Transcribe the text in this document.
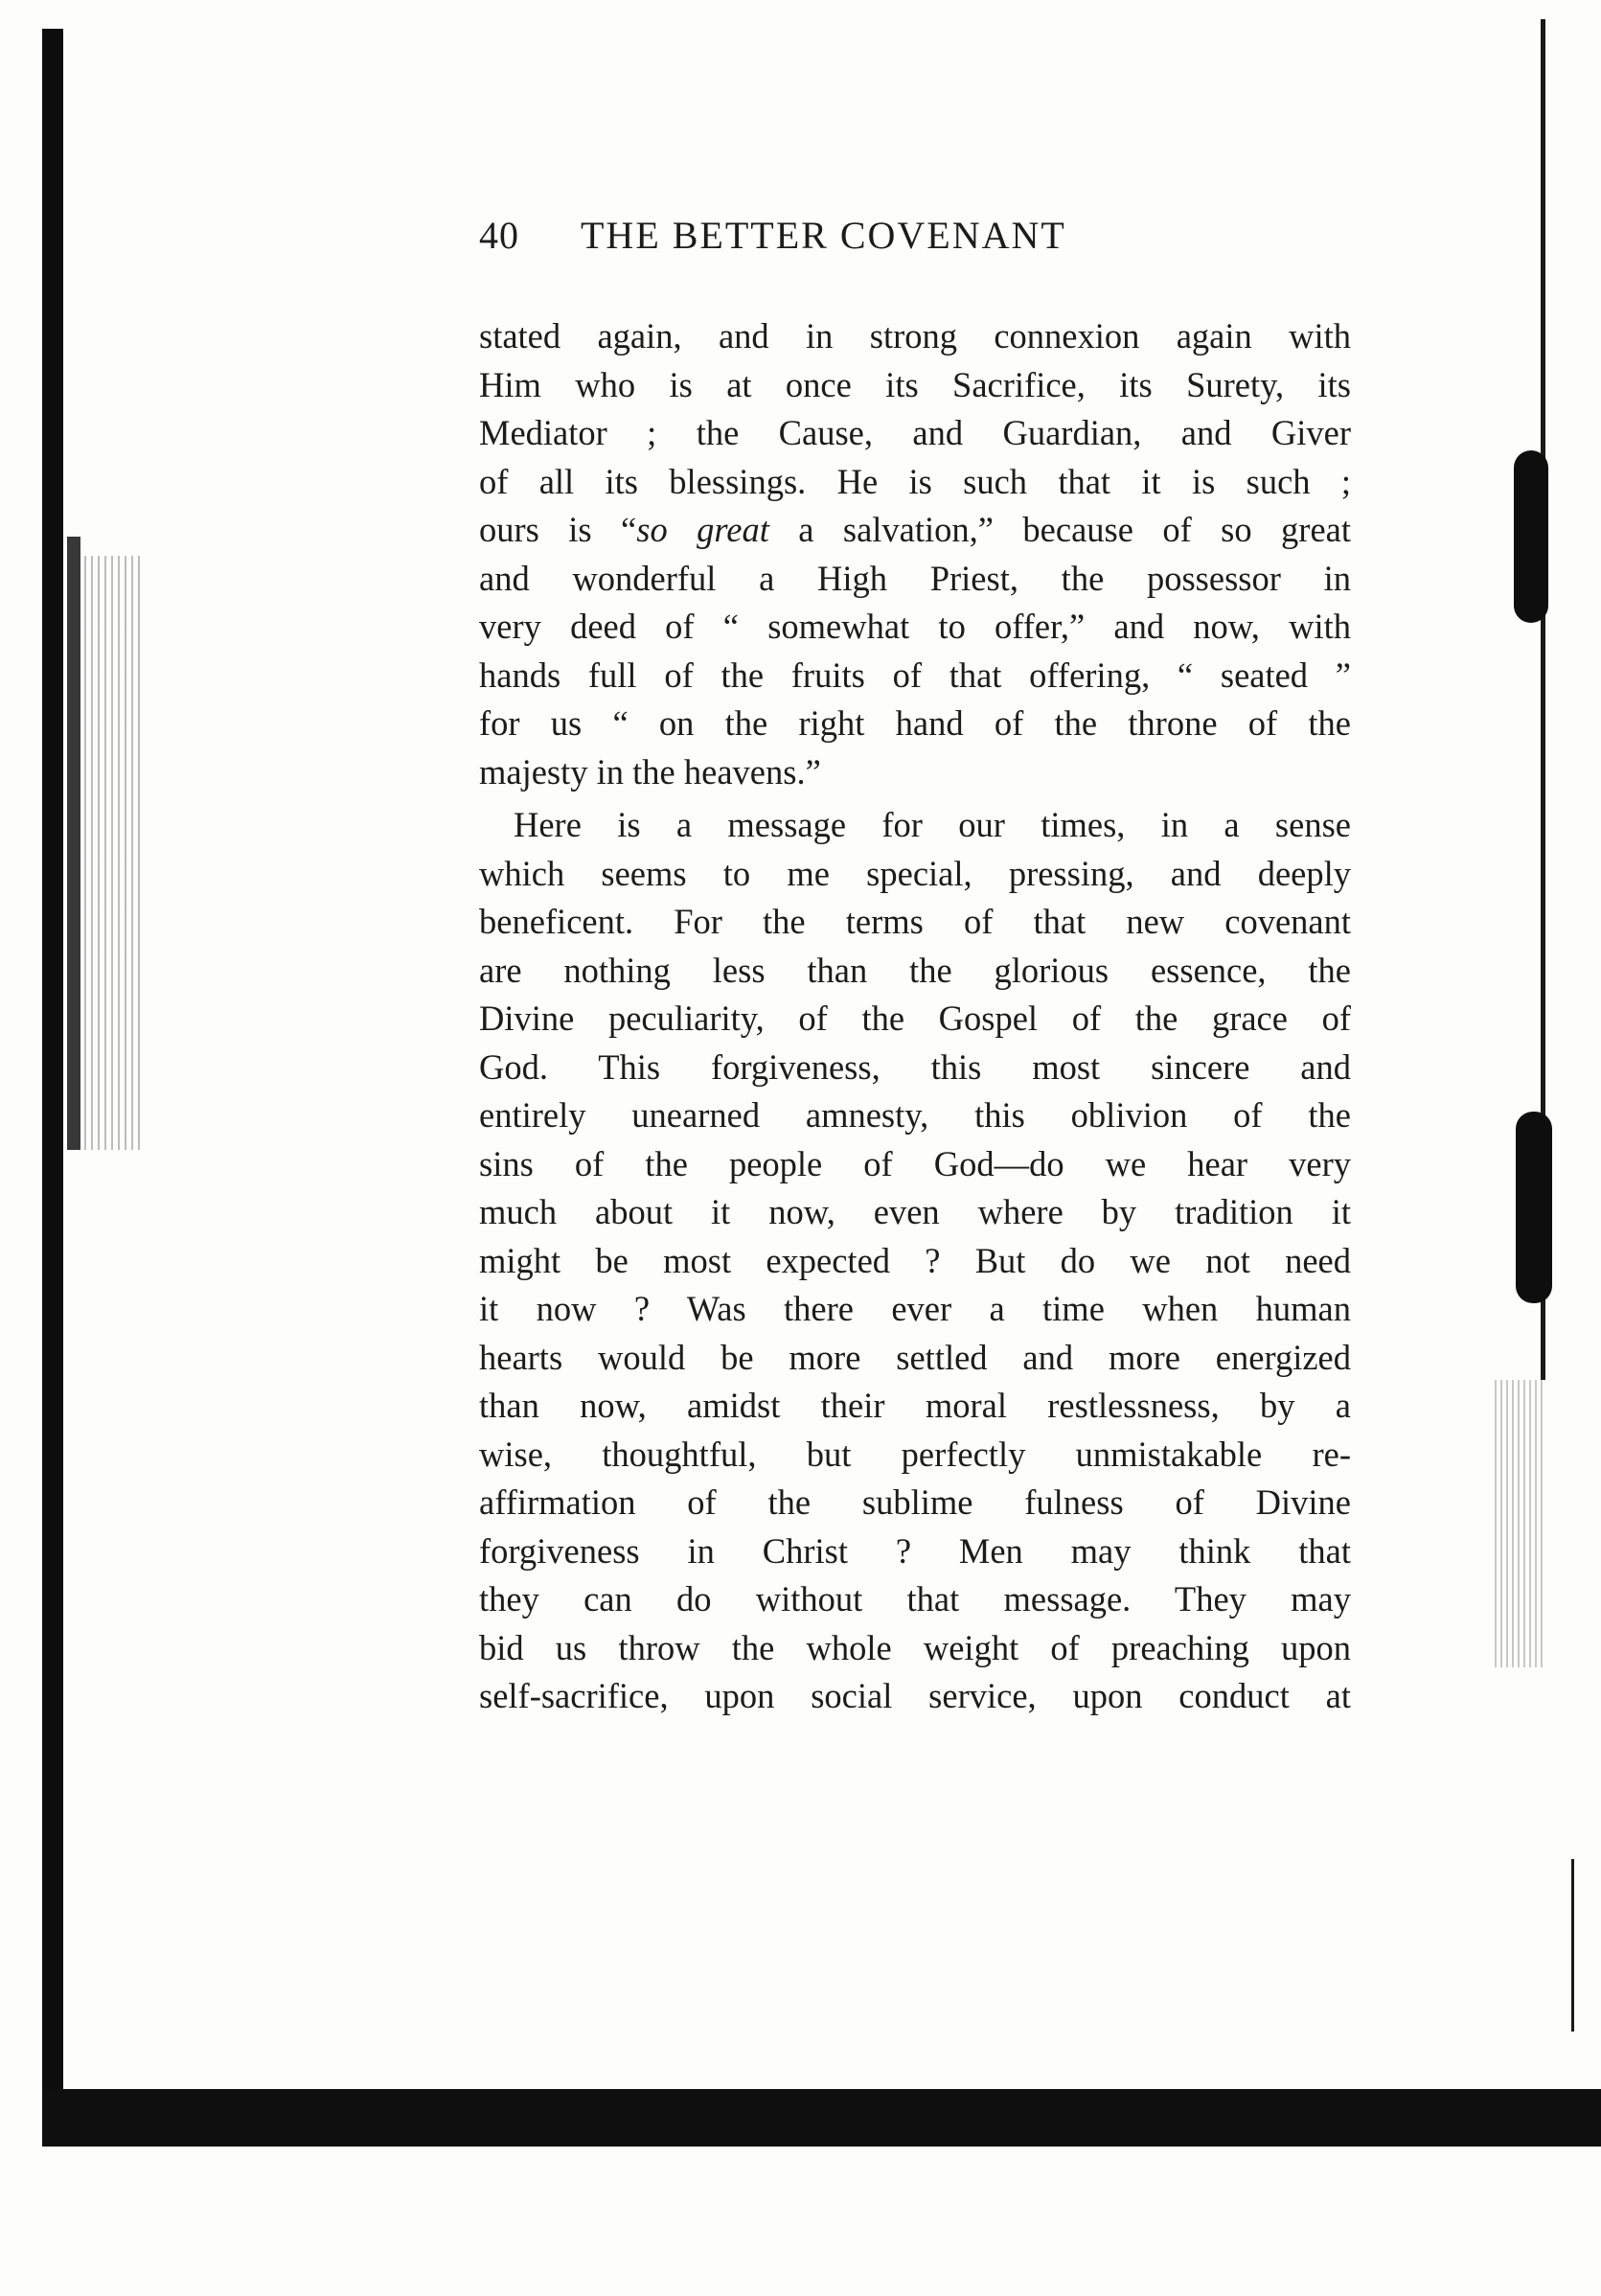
40 THE BETTER COVENANT
stated again, and in strong connexion again with
Him who is at once its Sacrifice, its Surety, its
Mediator ; the Cause, and Guardian, and Giver
of all its blessings. He is such that it is such ;
ours is “so great a salvation,” because of so great
and wonderful a High Priest, the possessor in
very deed of “ somewhat to offer,” and now, with
hands full of the fruits of that offering, “ seated ”
for us “ on the right hand of the throne of the
majesty in the heavens.”
Here is a message for our times, in a sense
which seems to me special, pressing, and deeply
beneficent. For the terms of that new covenant
are nothing less than the glorious essence, the
Divine peculiarity, of the Gospel of the grace of
God. This forgiveness, this most sincere and
entirely unearned amnesty, this oblivion of the
sins of the people of God—do we hear very
much about it now, even where by tradition it
might be most expected ? But do we not need
it now ? Was there ever a time when human
hearts would be more settled and more energized
than now, amidst their moral restlessness, by a
wise, thoughtful, but perfectly unmistakable re-
affirmation of the sublime fulness of Divine
forgiveness in Christ ? Men may think that
they can do without that message. They may
bid us throw the whole weight of preaching upon
self-sacrifice, upon social service, upon conduct at
